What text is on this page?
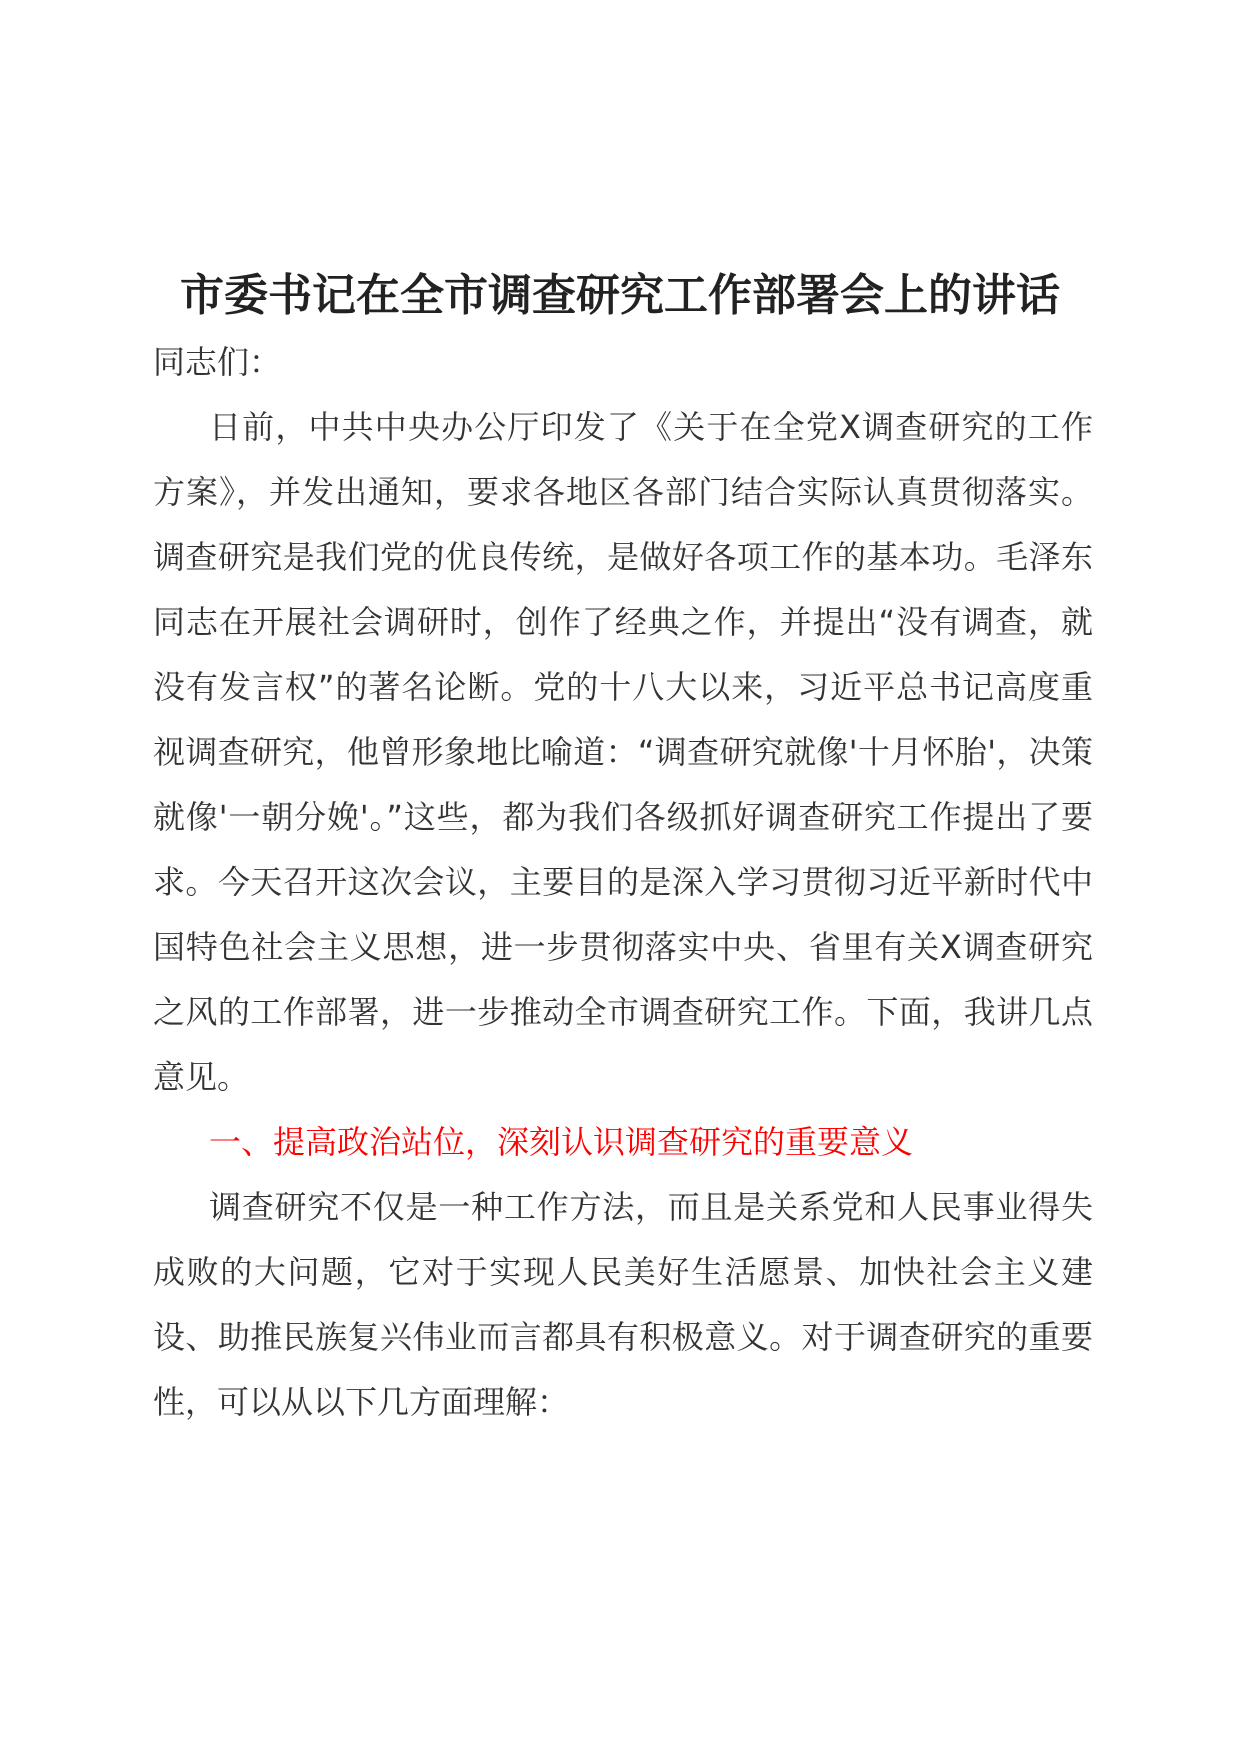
市委书记在全市调查研究工作部署会上的讲话

同志们：

日前，中共中央办公厅印发了《关于在全党X调查研究的工作方案》，并发出通知，要求各地区各部门结合实际认真贯彻落实。调查研究是我们党的优良传统，是做好各项工作的基本功。毛泽东同志在开展社会调研时，创作了经典之作，并提出“没有调查，就没有发言权”的著名论断。党的十八大以来，习近平总书记高度重视调查研究，他曾形象地比喻道：“调查研究就像'十月怀胎'，决策就像'一朝分娩'。”这些，都为我们各级抓好调查研究工作提出了要求。今天召开这次会议，主要目的是深入学习贯彻习近平新时代中国特色社会主义思想，进一步贯彻落实中央、省里有关X调查研究之风的工作部署，进一步推动全市调查研究工作。下面，我讲几点意见。

一、提高政治站位，深刻认识调查研究的重要意义

调查研究不仅是一种工作方法，而且是关系党和人民事业得失成败的大问题，它对于实现人民美好生活愿景、加快社会主义建设、助推民族复兴伟业而言都具有积极意义。对于调查研究的重要性，可以从以下几方面理解：
